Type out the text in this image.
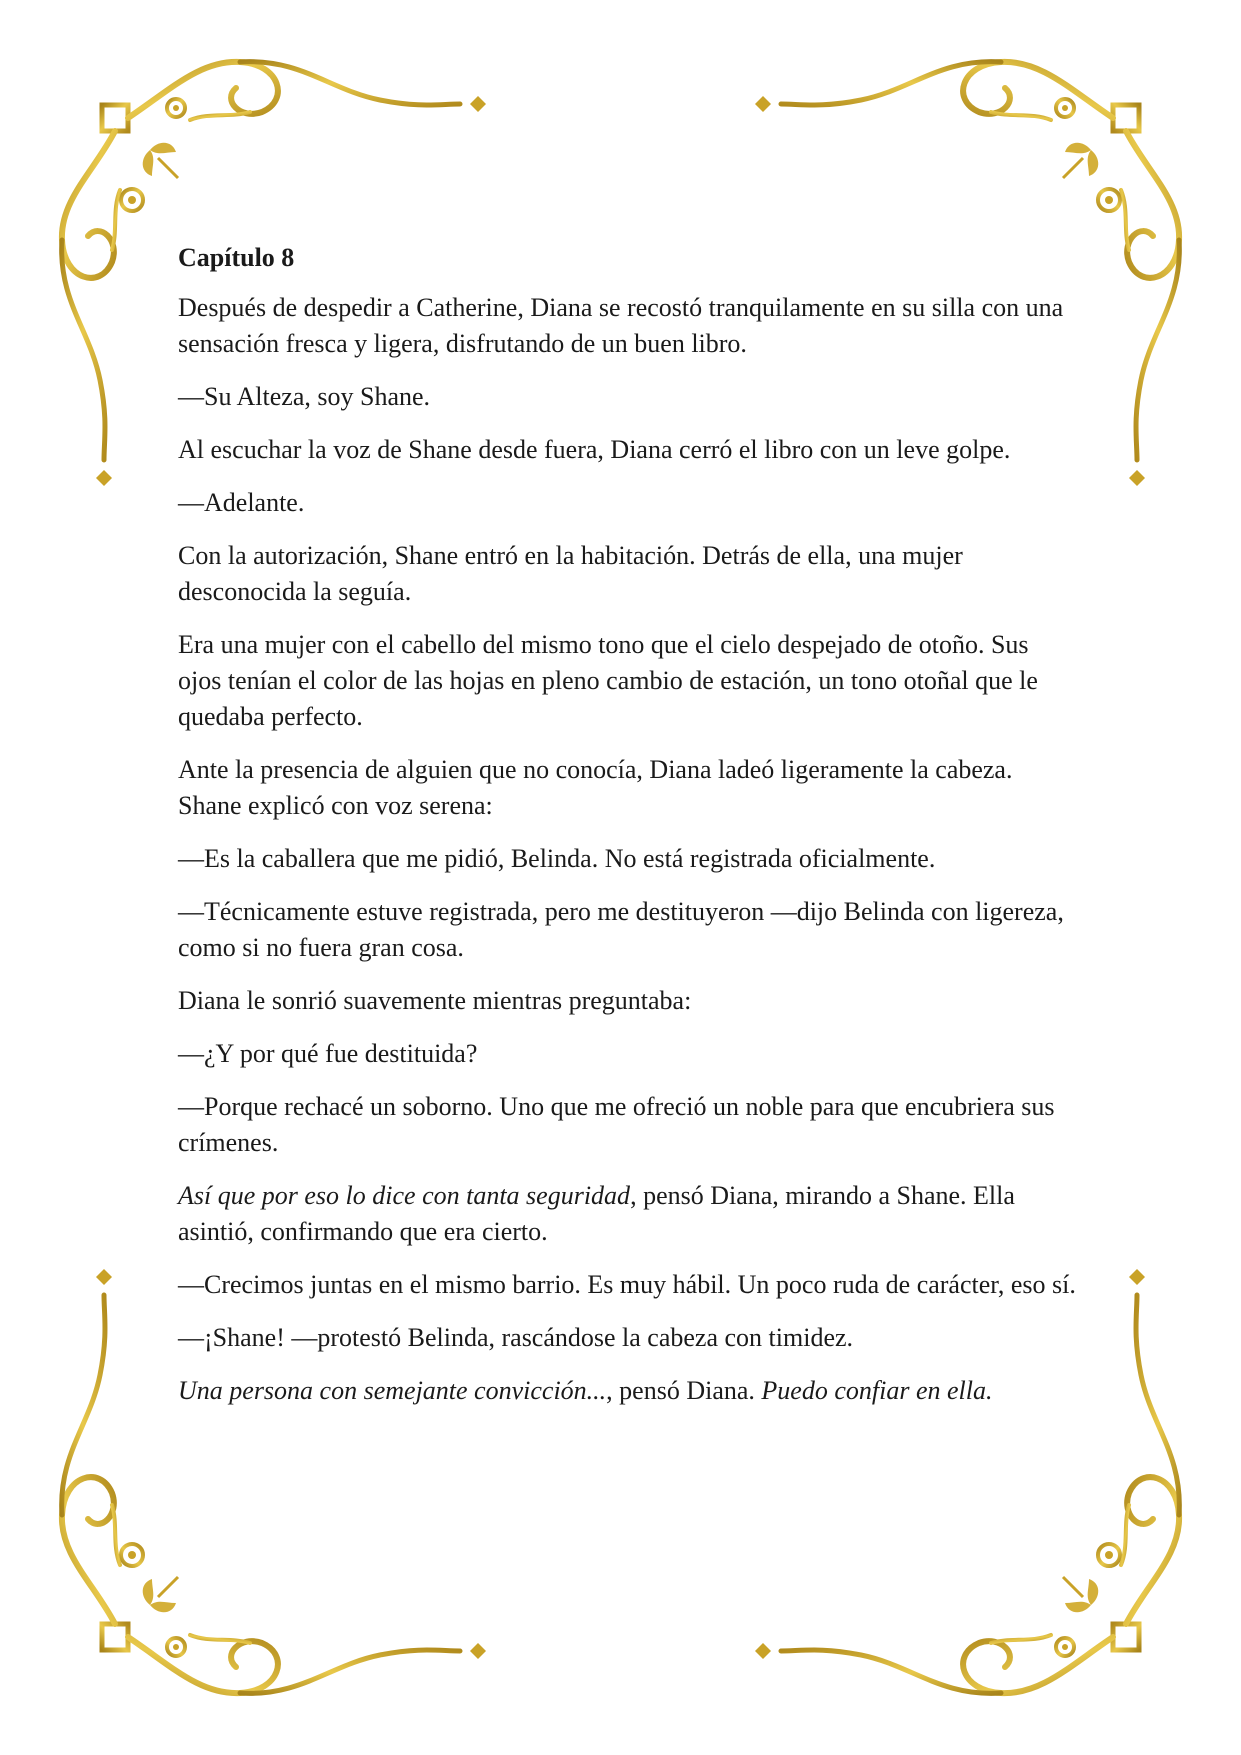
Capítulo 8

Después de despedir a Catherine, Diana se recostó tranquilamente en su silla con una sensación fresca y ligera, disfrutando de un buen libro.

—Su Alteza, soy Shane.

Al escuchar la voz de Shane desde fuera, Diana cerró el libro con un leve golpe.

—Adelante.

Con la autorización, Shane entró en la habitación. Detrás de ella, una mujer desconocida la seguía.

Era una mujer con el cabello del mismo tono que el cielo despejado de otoño. Sus ojos tenían el color de las hojas en pleno cambio de estación, un tono otoñal que le quedaba perfecto.

Ante la presencia de alguien que no conocía, Diana ladeó ligeramente la cabeza. Shane explicó con voz serena:

—Es la caballera que me pidió, Belinda. No está registrada oficialmente.

—Técnicamente estuve registrada, pero me destituyeron —dijo Belinda con ligereza, como si no fuera gran cosa.

Diana le sonrió suavemente mientras preguntaba:

—¿Y por qué fue destituida?

—Porque rechacé un soborno. Uno que me ofreció un noble para que encubriera sus crímenes.

Así que por eso lo dice con tanta seguridad, pensó Diana, mirando a Shane. Ella asintió, confirmando que era cierto.

—Crecimos juntas en el mismo barrio. Es muy hábil. Un poco ruda de carácter, eso sí.

—¡Shane! —protestó Belinda, rascándose la cabeza con timidez.

Una persona con semejante convicción..., pensó Diana. Puedo confiar en ella.
